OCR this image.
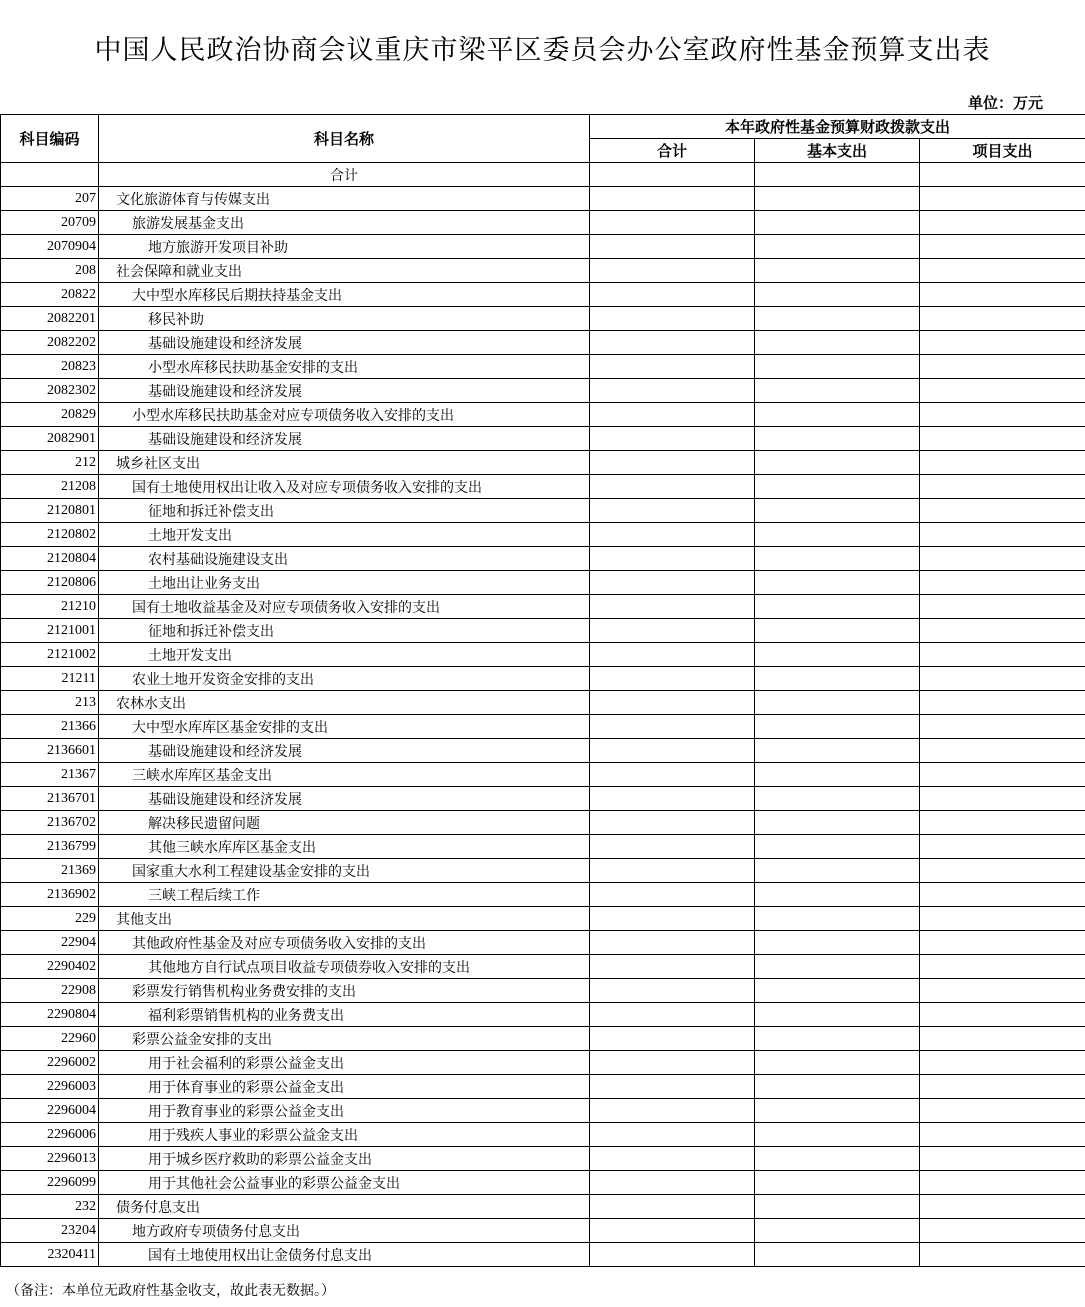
中国人民政治协商会议重庆市梁平区委员会办公室政府性基金预算支出表
单位：万元
科目编码	科目名称	本年政府性基金预算财政拨款支出		
		合计	基本支出	项目支出
	合计			
207	文化旅游体育与传媒支出			
20709	旅游发展基金支出			
2070904	地方旅游开发项目补助			
208	社会保障和就业支出			
20822	大中型水库移民后期扶持基金支出			
2082201	移民补助			
2082202	基础设施建设和经济发展			
20823	小型水库移民扶助基金安排的支出			
2082302	基础设施建设和经济发展			
20829	小型水库移民扶助基金对应专项债务收入安排的支出			
2082901	基础设施建设和经济发展			
212	城乡社区支出			
21208	国有土地使用权出让收入及对应专项债务收入安排的支出			
2120801	征地和拆迁补偿支出			
2120802	土地开发支出			
2120804	农村基础设施建设支出			
2120806	土地出让业务支出			
21210	国有土地收益基金及对应专项债务收入安排的支出			
2121001	征地和拆迁补偿支出			
2121002	土地开发支出			
21211	农业土地开发资金安排的支出			
213	农林水支出			
21366	大中型水库库区基金安排的支出			
2136601	基础设施建设和经济发展			
21367	三峡水库库区基金支出			
2136701	基础设施建设和经济发展			
2136702	解决移民遗留问题			
2136799	其他三峡水库库区基金支出			
21369	国家重大水利工程建设基金安排的支出			
2136902	三峡工程后续工作			
229	其他支出			
22904	其他政府性基金及对应专项债务收入安排的支出			
2290402	其他地方自行试点项目收益专项债券收入安排的支出			
22908	彩票发行销售机构业务费安排的支出			
2290804	福利彩票销售机构的业务费支出			
22960	彩票公益金安排的支出			
2296002	用于社会福利的彩票公益金支出			
2296003	用于体育事业的彩票公益金支出			
2296004	用于教育事业的彩票公益金支出			
2296006	用于残疾人事业的彩票公益金支出			
2296013	用于城乡医疗救助的彩票公益金支出			
2296099	用于其他社会公益事业的彩票公益金支出			
232	债务付息支出			
23204	地方政府专项债务付息支出			
2320411	国有土地使用权出让金债务付息支出			
（备注：本单位无政府性基金收支，故此表无数据。）
